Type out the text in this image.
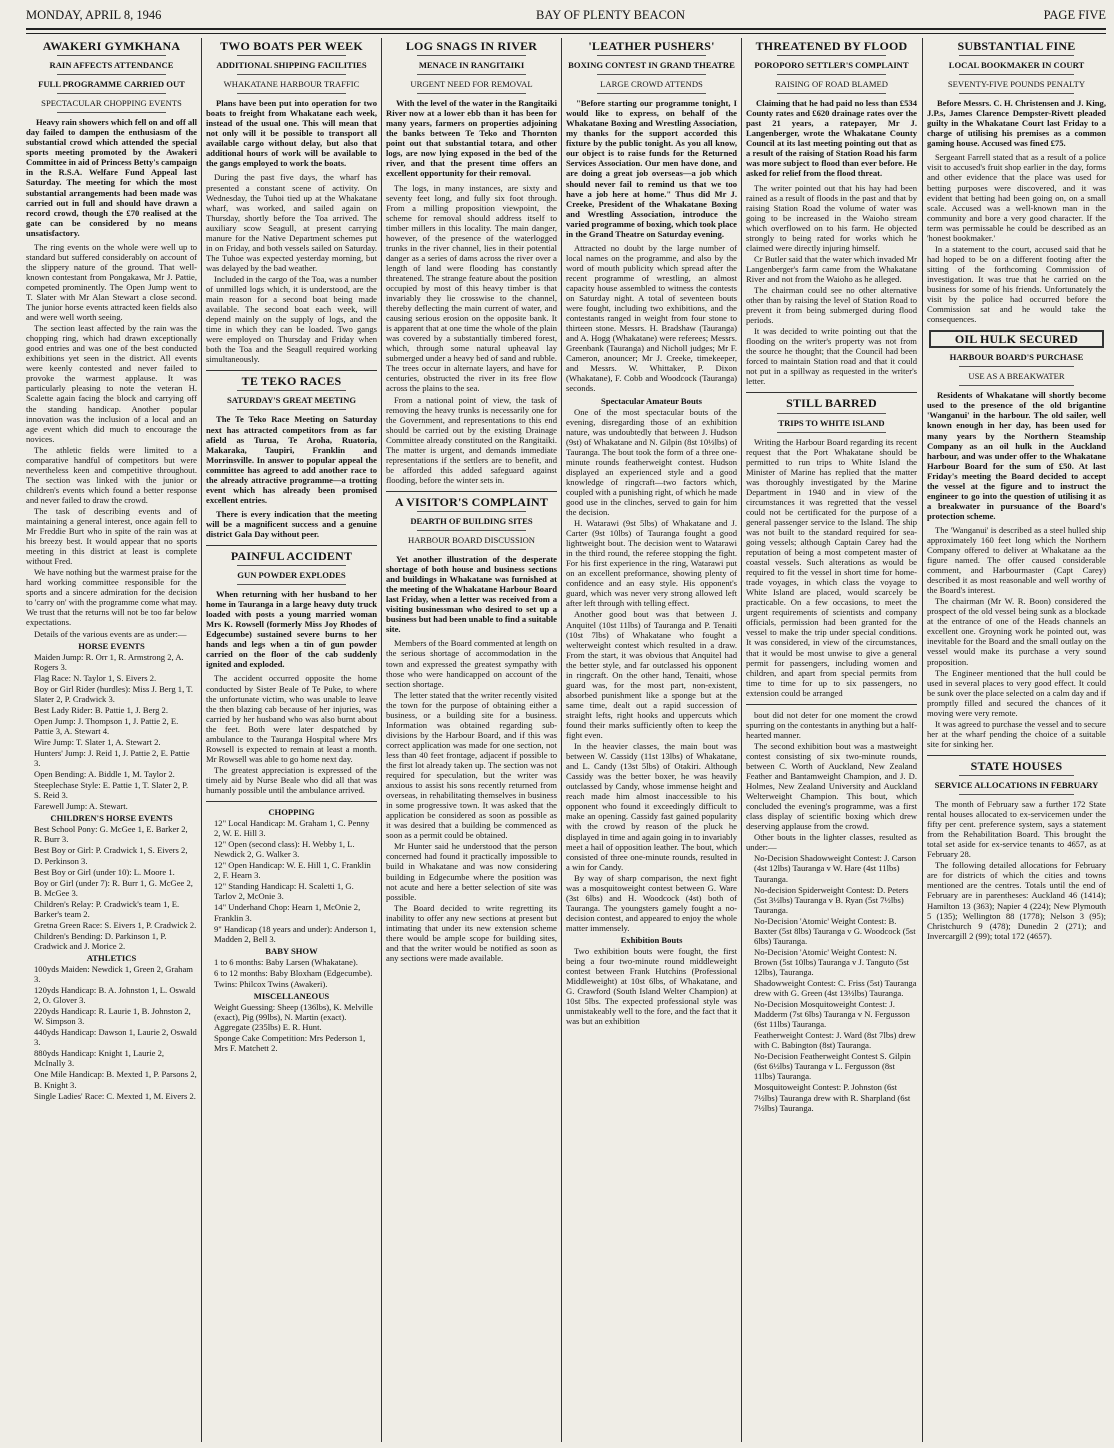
MONDAY, APRIL 8, 1946	BAY OF PLENTY BEACON	PAGE FIVE
AWAKERI GYMKHANA
RAIN AFFECTS ATTENDANCE
FULL PROGRAMME CARRIED OUT
SPECTACULAR CHOPPING EVENTS
Heavy rain showers which fell on and off all day failed to dampen the enthusiasm of the substantial crowd which attended the special sports meeting promoted by the Awakeri Committee in aid of Princess Betty's campaign in the R.S.A. Welfare Fund Appeal last Saturday. The meeting for which the most substantial arrangements had been made was carried out in full and should have drawn a record crowd, though the £70 realised at the gate can be considered by no means unsatisfactory.

The ring events on the whole were well up to standard but suffered considerably on account of the slippery nature of the ground. That well-known contestant from Pongakawa, Mr J. Pattie, competed prominently. The Open Jump went to T. Slater with Mr Alan Stewart a close second. The junior horse events attracted keen fields also and were well worth seeing.

The section least affected by the rain was the chopping ring, which had drawn exceptionally good entries and was one of the best conducted exhibitions yet seen in the district. All events were keenly contested and never failed to provoke the warmest applause. It was particularly pleasing to note the veteran H. Scalette again facing the block and carrying off the standing handicap. Another popular innovation was the inclusion of a local and an age event which did much to encourage the novices.

The athletic fields were limited to a comparative handful of competitors but were nevertheless keen and competitive throughout. The section was linked with the junior or children's events which found a better response and never failed to draw the crowd.

The task of describing events and of maintaining a general interest, once again fell to Mr Freddie Burt who in spite of the rain was at his breezy best. It would appear that no sports meeting in this district at least is complete without Fred.

We have nothing but the warmest praise for the hard working committee responsible for the sports and a sincere admiration for the decision to 'carry on' with the programme come what may. We trust that the returns will not be too far below expectations.

Details of the various events are as under:—

HORSE EVENTS

Maiden Jump: R. Orr 1, R. Armstrong 2, A. Rogers 3.

Flag Race: N. Taylor 1, S. Eivers 2.

Boy or Girl Rider (hurdles): Miss J. Berg 1, T. Slater 2, P. Cradwick 3.

Best Lady Rider: B. Pattie 1, J. Berg 2.

Open Jump: J. Thompson 1, J. Pattie 2, E. Pattie 3, A. Stewart 4.

Wire Jump: T. Slater 1, A. Stewart 2.

Hunters' Jump: J. Reid 1, J. Pattie 2, E. Pattie 3.

Open Bending: A. Biddle 1, M. Taylor 2.

Steeplechase Style: E. Pattie 1, T. Slater 2, P. S. Reid 3.

Farewell Jump: A. Stewart.

CHILDREN'S HORSE EVENTS

Best School Pony: G. McGee 1, E. Barker 2, R. Burr 3.

Best Boy or Girl: P. Cradwick 1, S. Eivers 2, D. Perkinson 3.

Best Boy or Girl (under 10): L. Moore 1.

Boy or Girl (under 7): R. Burr 1, G. McGee 2, B. McGee 3.

Children's Relay: P. Cradwick's team 1, E. Barker's team 2.

Gretna Green Race: S. Eivers 1, P. Cradwick 2.

Children's Bending: D. Parkinson 1, P. Cradwick and J. Morice 2.

ATHLETICS

100yds Maiden: Newdick 1, Green 2, Graham 3.

120yds Handicap: B. A. Johnston 1, L. Oswald 2, O. Glover 3.

220yds Handicap: R. Laurie 1, B. Johnston 2, W. Simpson 3.

440yds Handicap: Dawson 1, Laurie 2, Oswald 3.

880yds Handicap: Knight 1, Laurie 2, McInally 3.

One Mile Handicap: B. Mexted 1, P. Parsons 2, B. Knight 3.

Single Ladies' Race: C. Mexted 1, M. Eivers 2.

TWO BOATS PER WEEK
ADDITIONAL SHIPPING FACILITIES
WHAKATANE HARBOUR TRAFFIC
Plans have been put into operation for two boats to freight from Whakatane each week, instead of the usual one. This will mean that not only will it be possible to transport all available cargo without delay, but also that additional hours of work will be available to the gangs employed to work the boats.

During the past five days, the wharf has presented a constant scene of activity. On Wednesday, the Tuhoi tied up at the Whakatane wharf, was worked, and sailed again on Thursday, shortly before the Toa arrived. The auxiliary scow Seagull, at present carrying manure for the Native Department schemes put in on Friday, and both vessels sailed on Saturday. The Tuhoe was expected yesterday morning, but was delayed by the bad weather.

Included in the cargo of the Toa, was a number of unmilled logs which, it is understood, are the main reason for a second boat being made available. The second boat each week, will depend mainly on the supply of logs, and the time in which they can be loaded. Two gangs were employed on Thursday and Friday when both the Toa and the Seagull required working simultaneously.

TE TEKO RACES
SATURDAY'S GREAT MEETING
The Te Teko Race Meeting on Saturday next has attracted competitors from as far afield as Turua, Te Aroha, Ruatoria, Makaraka, Taupiri, Franklin and Morrinsville. In answer to popular appeal the committee has agreed to add another race to the already attractive programme—a trotting event which has already been promised excellent entries.
There is every indication that the meeting will be a magnificent success and a genuine district Gala Day without peer.
PAINFUL ACCIDENT
GUN POWDER EXPLODES
When returning with her husband to her home in Tauranga in a large heavy duty truck loaded with posts a young married woman Mrs K. Rowsell (formerly Miss Joy Rhodes of Edgecumbe) sustained severe burns to her hands and legs when a tin of gun powder carried on the floor of the cab suddenly ignited and exploded.

The accident occurred opposite the home conducted by Sister Beale of Te Puke, to where the unfortunate victim, who was unable to leave the then blazing cab because of her injuries, was carried by her husband who was also burnt about the feet. Both were later despatched by ambulance to the Tauranga Hospital where Mrs Rowsell is expected to remain at least a month. Mr Rowsell was able to go home next day.

The greatest appreciation is expressed of the timely aid by Nurse Beale who did all that was humanly possible until the ambulance arrived.

CHOPPING

12" Local Handicap: M. Graham 1, C. Penny 2, W. E. Hill 3.

12" Open (second class): H. Webby 1, L. Newdick 2, G. Walker 3.

12" Open Handicap: W. E. Hill 1, C. Franklin 2, F. Hearn 3.

12" Standing Handicap: H. Scaletti 1, G. Tarlov 2, McOnie 3.

14" Underhand Chop: Hearn 1, McOnie 2, Franklin 3.

9" Handicap (18 years and under): Anderson 1, Madden 2, Bell 3.

BABY SHOW

1 to 6 months: Baby Larsen (Whakatane).

6 to 12 months: Baby Bloxham (Edgecumbe).

Twins: Philcox Twins (Awakeri).

MISCELLANEOUS

Weight Guessing: Sheep (136lbs), K. Melville (exact), Pig (99lbs), N. Martin (exact). Aggregate (235lbs) E. R. Hunt.

Sponge Cake Competition: Mrs Pederson 1, Mrs F. Matchett 2.

LOG SNAGS IN RIVER
MENACE IN RANGITAIKI
URGENT NEED FOR REMOVAL
With the level of the water in the Rangitaiki River now at a lower ebb than it has been for many years, farmers on properties adjoining the banks between Te Teko and Thornton point out that substantial totara, and other logs, are now lying exposed in the bed of the river, and that the present time offers an excellent opportunity for their removal.

The logs, in many instances, are sixty and seventy feet long, and fully six foot through. From a milling proposition viewpoint, the scheme for removal should address itself to timber millers in this locality. The main danger, however, of the presence of the waterlogged trunks in the river channel, lies in their potential danger as a series of dams across the river over a length of land were flooding has constantly threatened. The strange feature about the position occupied by most of this heavy timber is that invariably they lie crosswise to the channel, thereby deflecting the main current of water, and causing serious erosion on the opposite bank. It is apparent that at one time the whole of the plain was covered by a substantially timbered forest, which, through some natural upheaval lay submerged under a heavy bed of sand and rubble. The trees occur in alternate layers, and have for centuries, obstructed the river in its free flow across the plains to the sea.

From a national point of view, the task of removing the heavy trunks is necessarily one for the Government, and representations to this end should be carried out by the existing Drainage Committee already constituted on the Rangitaiki. The matter is urgent, and demands immediate representations if the settlers are to benefit, and be afforded this added safeguard against flooding, before the winter sets in.

A VISITOR'S COMPLAINT
DEARTH OF BUILDING SITES
HARBOUR BOARD DISCUSSION
Yet another illustration of the desperate shortage of both house and business sections and buildings in Whakatane was furnished at the meeting of the Whakatane Harbour Board last Friday, when a letter was received from a visiting businessman who desired to set up a business but had been unable to find a suitable site.

Members of the Board commented at length on the serious shortage of accommodation in the town and expressed the greatest sympathy with those who were handicapped on account of the section shortage.

The letter stated that the writer recently visited the town for the purpose of obtaining either a business, or a building site for a business. Information was obtained regarding sub-divisions by the Harbour Board, and if this was correct application was made for one section, not less than 40 feet frontage, adjacent if possible to the first lot already taken up. The section was not required for speculation, but the writer was anxious to assist his sons recently returned from overseas, in rehabilitating themselves in business in some progressive town. It was asked that the application be considered as soon as possible as it was desired that a building be commenced as soon as a permit could be obtained.

Mr Hunter said he understood that the person concerned had found it practically impossible to build in Whakatane and was now considering building in Edgecumbe where the position was not acute and here a better selection of site was possible.

The Board decided to write regretting its inability to offer any new sections at present but intimating that under its new extension scheme there would be ample scope for building sites, and that the writer would be notified as soon as any sections were made available.

'LEATHER PUSHERS'
BOXING CONTEST IN GRAND THEATRE
LARGE CROWD ATTENDS
"Before starting our programme tonight, I would like to express, on behalf of the Whakatane Boxing and Wrestling Association, my thanks for the support accorded this fixture by the public tonight. As you all know, our object is to raise funds for the Returned Services Association. Our men have done, and are doing a great job overseas—a job which should never fail to remind us that we too have a job here at home." Thus did Mr J. Creeke, President of the Whakatane Boxing and Wrestling Association, introduce the varied programme of boxing, which took place in the Grand Theatre on Saturday evening.

Attracted no doubt by the large number of local names on the programme, and also by the word of mouth publicity which spread after the recent programme of wrestling, an almost capacity house assembled to witness the contests on Saturday night. A total of seventeen bouts were fought, including two exhibitions, and the contestants ranged in weight from four stone to thirteen stone. Messrs. H. Bradshaw (Tauranga) and A. Hogg (Whakatane) were referees; Messrs. Greenbank (Tauranga) and Nicholl judges; Mr F. Cameron, anouncer; Mr J. Creeke, timekeeper, and Messrs. W. Whittaker, P. Dixon (Whakatane), F. Cobb and Woodcock (Tauranga) seconds.

Spectacular Amateur Bouts

One of the most spectacular bouts of the evening, disregarding those of an exhibition nature, was undoubtedly that between J. Hudson (9st) of Whakatane and N. Gilpin (8st 10½lbs) of Tauranga. The bout took the form of a three one-minute rounds featherweight contest. Hudson displayed an experienced style and a good knowledge of ringcraft—two factors which, coupled with a punishing right, of which he made good use in the clinches, served to gain for him the decision.

H. Watarawi (9st 5lbs) of Whakatane and J. Carter (9st 10lbs) of Tauranga fought a good lightweight bout. The decision went to Watarawi in the third round, the referee stopping the fight. For his first experience in the ring, Watarawi put on an excellent preformance, showing plenty of confidence and an easy style. His opponent's guard, which was never very strong allowed left after left through with telling effect.

Another good bout was that between J. Anquitel (10st 11lbs) of Tauranga and P. Tenaiti (10st 7lbs) of Whakatane who fought a welterweight contest which resulted in a draw. From the start, it was obvious that Anquitel had the better style, and far outclassed his opponent in ringcraft. On the other hand, Tenaiti, whose guard was, for the most part, non-existent, absorbed punishment like a sponge but at the same time, dealt out a rapid succession of straight lefts, right hooks and uppercuts which found their marks sufficiently often to keep the fight even.

In the heavier classes, the main bout was between W. Cassidy (11st 13lbs) of Whakatane, and L. Candy (13st 5lbs) of Otakiri. Although Cassidy was the better boxer, he was heavily outclassed by Candy, whose immense height and reach made him almost inaccessible to his opponent who found it exceedingly difficult to make an opening. Cassidy fast gained popularity with the crowd by reason of the pluck he displayed in time and again going in to invariably meet a hail of opposition leather. The bout, which consisted of three one-minute rounds, resulted in a win for Candy.

By way of sharp comparison, the next fight was a mosquitoweight contest between G. Ware (3st 6lbs) and H. Woodcock (4st) both of Tauranga. The youngsters gamely fought a no-decision contest, and appeared to enjoy the whole matter immensely.

Exhibition Bouts

Two exhibition bouts were fought, the first being a four two-minute round middleweight contest between Frank Hutchins (Professional Middleweight) at 10st 6lbs, of Whakatane, and G. Crawford (South Island Welter Champion) at 10st 5lbs. The expected professional style was unmistakeably well to the fore, and the fact that it was but an exhibition

THREATENED BY FLOOD
POROPORO SETTLER'S COMPLAINT
RAISING OF ROAD BLAMED
Claiming that he had paid no less than £534 County rates and £620 drainage rates over the past 21 years, a ratepayer, Mr J. Langenberger, wrote the Whakatane County Council at its last meeting pointing out that as a result of the raising of Station Road his farm was more subject to flood than ever before. He asked for relief from the flood threat.

The writer pointed out that his hay had been rained as a result of floods in the past and that by raising Station Road the volume of water was going to be increased in the Waioho stream which overflowed on to his farm. He objected strongly to being rated for works which he claimed were directly injuring himself.

Cr Butler said that the water which invaded Mr Langenberger's farm came from the Whakatane River and not from the Waioho as he alleged.

The chairman could see no other alternative other than by raising the level of Station Road to prevent it from being submerged during flood periods.

It was decided to write pointing out that the flooding on the writer's property was not from the source he thought; that the Council had been forced to maintain Station road and that it could not put in a spillway as requested in the writer's letter.

STILL BARRED
TRIPS TO WHITE ISLAND

Writing the Harbour Board regarding its recent request that the Port Whakatane should be permitted to run trips to White Island the Minister of Marine has replied that the matter was thoroughly investigated by the Marine Department in 1940 and in view of the circumstances it was regretted that the vessel could not be certificated for the purpose of a general passenger service to the Island. The ship was not built to the standard required for sea-going vessels; although Captain Carey had the reputation of being a most competent master of coastal vessels. Such alterations as would be required to fit the vessel in short time for home-trade voyages, in which class the voyage to White Island are placed, would scarcely be practicable. On a few occasions, to meet the urgent requirements of scientists and company officials, permission had been granted for the vessel to make the trip under special conditions. It was considered, in view of the circumstances, that it would be most unwise to give a general permit for passengers, including women and children, and apart from special permits from time to time for up to six passengers, no extension could be arranged

bout did not deter for one moment the crowd spurring on the contestants in anything but a half-hearted manner.

The second exhibition bout was a mastweight contest consisting of six two-minute rounds, between C. Worth of Auckland, New Zealand Feather and Bantamweight Champion, and J. D. Holmes, New Zealand University and Auckland Welterweight Champion. This bout, which concluded the evening's programme, was a first class display of scientific boxing which drew deserving applause from the crowd.

Other bouts in the lighter classes, resulted as under:—

No-Decision Shadowweight Contest: J. Carson (4st 12lbs) Tauranga v W. Hare (4st 11lbs) Tauranga.

No-decision Spiderweight Contest: D. Peters (5st 3½lbs) Tauranga v B. Ryan (5st 7½lbs) Tauranga.

No-Decision 'Atomic' Weight Contest: B. Baxter (5st 8lbs) Tauranga v G. Woodcock (5st 6lbs) Tauranga.

No-Decision 'Atomic' Weight Contest: N. Brown (5st 10lbs) Tauranga v J. Tanguto (5st 12lbs), Tauranga.

Shadowweight Contest: C. Friss (5st) Tauranga drew with G. Green (4st 13½lbs) Tauranga.

No-Decision Mosquitoweight Contest: J. Madderm (7st 6lbs) Tauranga v N. Fergusson (6st 11lbs) Tauranga.

Featherweight Contest: J. Ward (8st 7lbs) drew with C. Babington (8st) Tauranga.

No-Decision Featherweight Contest S. Gilpin (6st 6½lbs) Tauranga v L. Fergusson (8st 11lbs) Tauranga.

Mosquitoweight Contest: P. Johnston (6st 7½lbs) Tauranga drew with R. Sharpland (6st 7½lbs) Tauranga.

SUBSTANTIAL FINE
LOCAL BOOKMAKER IN COURT
SEVENTY-FIVE POUNDS PENALTY
Before Messrs. C. H. Christensen and J. King, J.P.s, James Clarence Dempster-Rivett pleaded guilty in the Whakatane Court last Friday to a charge of utilising his premises as a common gaming house. Accused was fined £75.

Sergeant Farrell stated that as a result of a police visit to accused's fruit shop earlier in the day, forms and other evidence that the place was used for betting purposes were discovered, and it was evident that betting had been going on, on a small scale. Accused was a well-known man in the community and bore a very good character. If the term was permissable he could be described as an 'honest bookmaker.'

In a statement to the court, accused said that he had hoped to be on a different footing after the sitting of the forthcoming Commission of investigation. It was true that he carried on the business for some of his friends. Unfortunately the visit by the police had occurred before the Commission sat and he would take the consequences.

OIL HULK SECURED
HARBOUR BOARD'S PURCHASE
USE AS A BREAKWATER
Residents of Whakatane will shortly become used to the presence of the old brigantine 'Wanganui' in the harbour. The old sailer, well known enough in her day, has been used for many years by the Northern Steamship Company as an oil hulk in the Auckland harbour, and was under offer to the Whakatane Harbour Board for the sum of £50. At last Friday's meeting the Board decided to accept the vessel at the figure and to instruct the engineer to go into the question of utilising it as a breakwater in pursuance of the Board's protection scheme.

The 'Wanganui' is described as a steel hulled ship approximately 160 feet long which the Northern Company offered to deliver at Whakatane aa the figure named. The offer caused considerable comment, and Harbourmaster (Capt Carey) described it as most reasonable and well worthy of the Board's interest.

The chairman (Mr W. R. Boon) considered the prospect of the old vessel being sunk as a blockade at the entrance of one of the Heads channels an excellent one. Groyning work he pointed out, was inevitable for the Board and the small outlay on the vessel would make its purchase a very sound proposition.

The Engineer mentioned that the hull could be used in several places to very good effect. It could be sunk over the place selected on a calm day and if promptly filled and secured the chances of it moving were very remote.

It was agreed to purchase the vessel and to secure her at the wharf pending the choice of a suitable site for sinking her.

STATE HOUSES
SERVICE ALLOCATIONS IN FEBRUARY

The month of February saw a further 172 State rental houses allocated to ex-servicemen under the fifty per cent. preference system, says a statement from the Rehabilitation Board. This brought the total set aside for ex-service tenants to 4657, as at February 28.

The following detailed allocations for February are for districts of which the cities and towns mentioned are the centres. Totals until the end of February are in parentheses: Auckland 46 (1414); Hamilton 13 (363); Napier 4 (224); New Plymouth 5 (135); Wellington 88 (1778); Nelson 3 (95); Christchurch 9 (478); Dunedin 2 (271); and Invercargill 2 (99); total 172 (4657).
